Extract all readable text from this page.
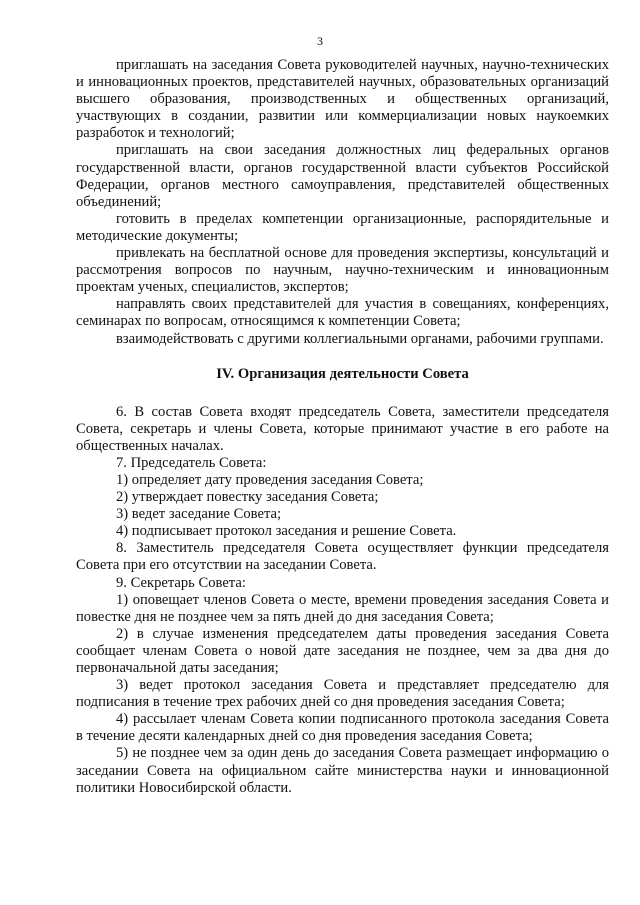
3

приглашать на заседания Совета руководителей научных, научно-технических и инновационных проектов, представителей научных, образовательных организаций высшего образования, производственных и общественных организаций, участвующих в создании, развитии или коммерциализации новых наукоемких разработок и технологий;

приглашать на свои заседания должностных лиц федеральных органов государственной власти, органов государственной власти субъектов Российской Федерации, органов местного самоуправления, представителей общественных объединений;

готовить в пределах компетенции организационные, распорядительные и методические документы;

привлекать на бесплатной основе для проведения экспертизы, консультаций и рассмотрения вопросов по научным, научно-техническим и инновационным проектам ученых, специалистов, экспертов;

направлять своих представителей для участия в совещаниях, конференциях, семинарах по вопросам, относящимся к компетенции Совета;

взаимодействовать с другими коллегиальными органами, рабочими группами.

IV. Организация деятельности Совета

6. В состав Совета входят председатель Совета, заместители председателя Совета, секретарь и члены Совета, которые принимают участие в его работе на общественных началах.

7. Председатель Совета:

1) определяет дату проведения заседания Совета;

2) утверждает повестку заседания Совета;

3) ведет заседание Совета;

4) подписывает протокол заседания и решение Совета.

8. Заместитель председателя Совета осуществляет функции председателя Совета при его отсутствии на заседании Совета.

9. Секретарь Совета:

1) оповещает членов Совета о месте, времени проведения заседания Совета и повестке дня не позднее чем за пять дней до дня заседания Совета;

2) в случае изменения председателем даты проведения заседания Совета сообщает членам Совета о новой дате заседания не позднее, чем за два дня до первоначальной даты заседания;

3) ведет протокол заседания Совета и представляет председателю для подписания в течение трех рабочих дней со дня проведения заседания Совета;

4) рассылает членам Совета копии подписанного протокола заседания Совета в течение десяти календарных дней со дня проведения заседания Совета;

5) не позднее чем за один день до заседания Совета размещает информацию о заседании Совета на официальном сайте министерства науки и инновационной политики Новосибирской области.
